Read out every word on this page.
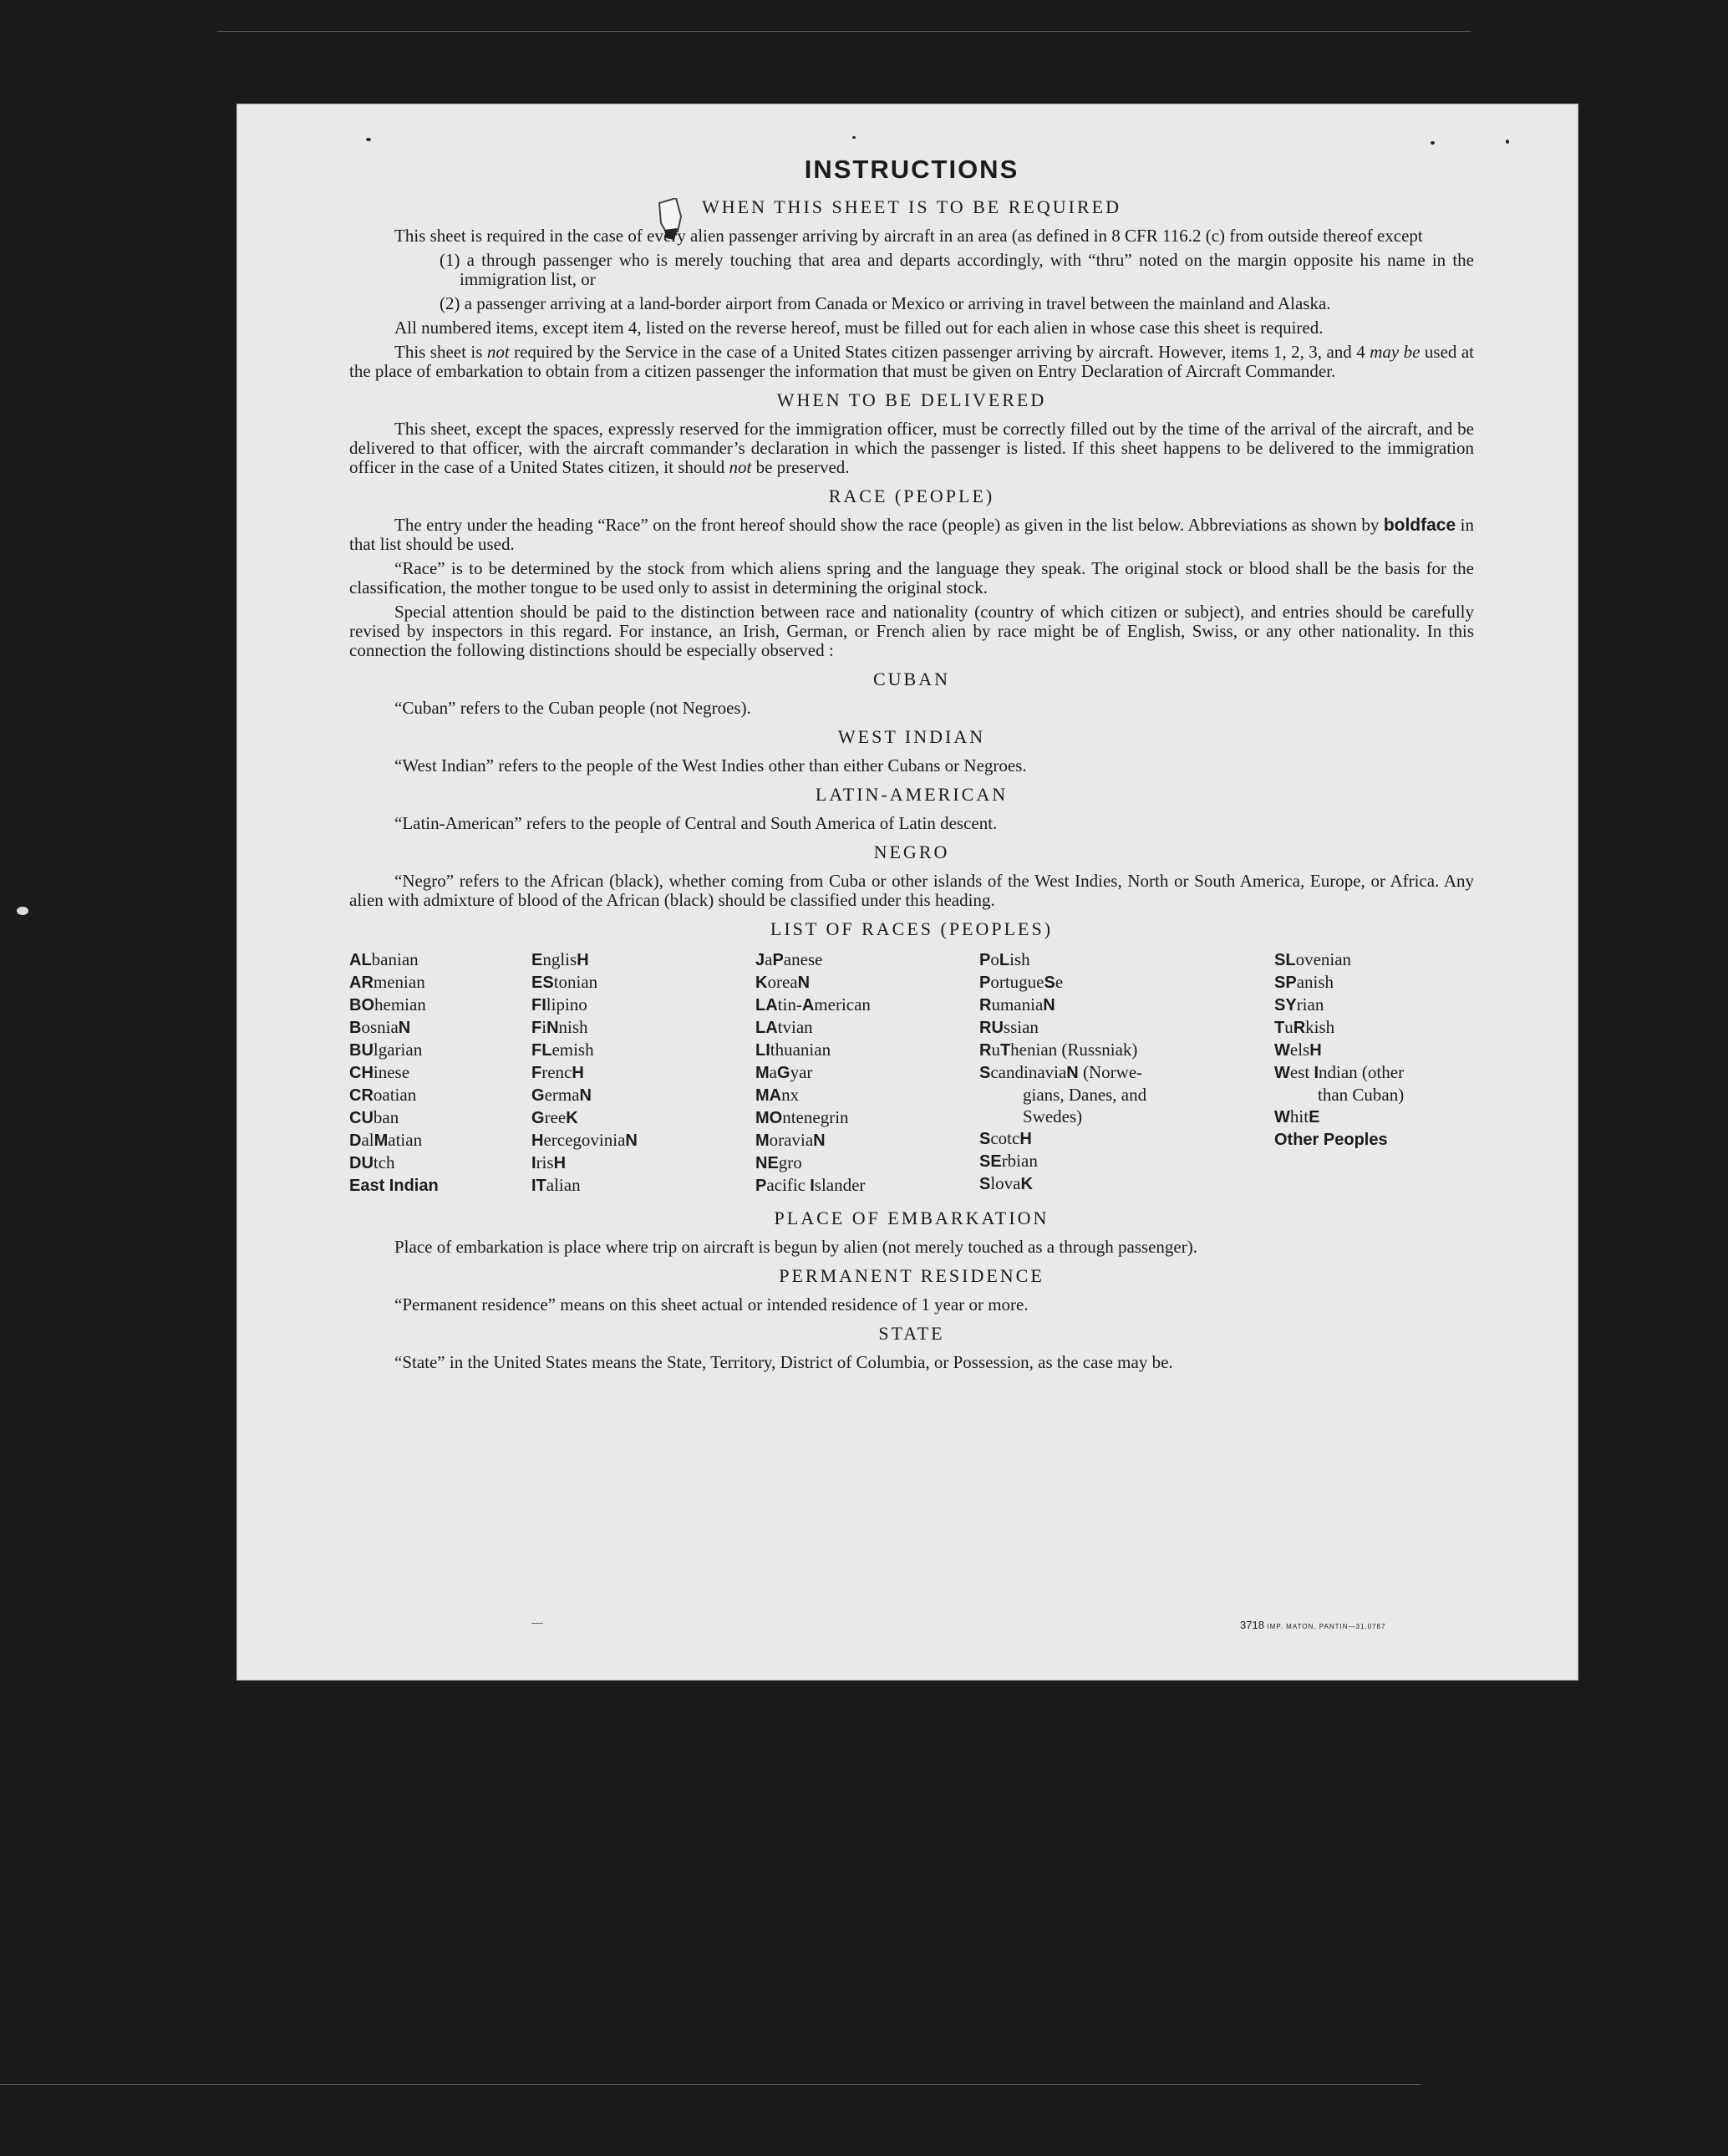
INSTRUCTIONS
WHEN THIS SHEET IS TO BE REQUIRED

This sheet is required in the case of every alien passenger arriving by aircraft in an area (as defined in 8 CFR 116.2 (c) from outside thereof except

(1) a through passenger who is merely touching that area and departs accordingly, with “thru” noted on the margin opposite his name in the immigration list, or

(2) a passenger arriving at a land-border airport from Canada or Mexico or arriving in travel between the mainland and Alaska.

All numbered items, except item 4, listed on the reverse hereof, must be filled out for each alien in whose case this sheet is required.

This sheet is not required by the Service in the case of a United States citizen passenger arriving by aircraft. However, items 1, 2, 3, and 4 may be used at the place of embarkation to obtain from a citizen passenger the information that must be given on Entry Declaration of Aircraft Commander.

WHEN TO BE DELIVERED

This sheet, except the spaces, expressly reserved for the immigration officer, must be correctly filled out by the time of the arrival of the aircraft, and be delivered to that officer, with the aircraft commander’s declaration in which the passenger is listed. If this sheet happens to be delivered to the immigration officer in the case of a United States citizen, it should not be preserved.

RACE (PEOPLE)

The entry under the heading “Race” on the front hereof should show the race (people) as given in the list below. Abbreviations as shown by boldface in that list should be used.

“Race” is to be determined by the stock from which aliens spring and the language they speak. The original stock or blood shall be the basis for the classification, the mother tongue to be used only to assist in determining the original stock.

Special attention should be paid to the distinction between race and nationality (country of which citizen or subject), and entries should be carefully revised by inspectors in this regard. For instance, an Irish, German, or French alien by race might be of English, Swiss, or any other nationality. In this connection the following distinctions should be especially observed :

CUBAN

“Cuban” refers to the Cuban people (not Negroes).

WEST INDIAN

“West Indian” refers to the people of the West Indies other than either Cubans or Negroes.

LATIN-AMERICAN

“Latin-American” refers to the people of Central and South America of Latin descent.

NEGRO

“Negro” refers to the African (black), whether coming from Cuba or other islands of the West Indies, North or South America, Europe, or Africa. Any alien with admixture of blood of the African (black) should be classified under this heading.

LIST OF RACES (PEOPLES)
ALbanian
ARmenian
BOhemian
BosniaN
BUlgarian
CHinese
CRoatian
CUban
DalMatian
DUtch
East Indian
EnglisH
EStonian
FIlipino
FiNnish
FLemish
FrencH
GermaN
GreeK
HercegoviniaN
IrisH
ITalian
JaPanese
KoreaN
LAtin-American
LAtvian
LIthuanian
MaGyar
MAnx
MOntenegrin
MoraviaN
NEgro
Pacific Islander
PoLish
PortugueSe
RumaniaN
RUssian
RuThenian (Russniak)
ScandinaviaN (Norwe-
gians, Danes, and
Swedes)
ScotcH
SErbian
SlovaK
SLovenian
SPanish
SYrian
TuRkish
WelsH
West Indian (other
than Cuban)
WhitE
Other Peoples
PLACE OF EMBARKATION

Place of embarkation is place where trip on aircraft is begun by alien (not merely touched as a through passenger).

PERMANENT RESIDENCE

“Permanent residence” means on this sheet actual or intended residence of 1 year or more.

STATE

“State” in the United States means the State, Territory, District of Columbia, or Possession, as the case may be.

3718 IMP. MATON, PANTIN—31.0787
